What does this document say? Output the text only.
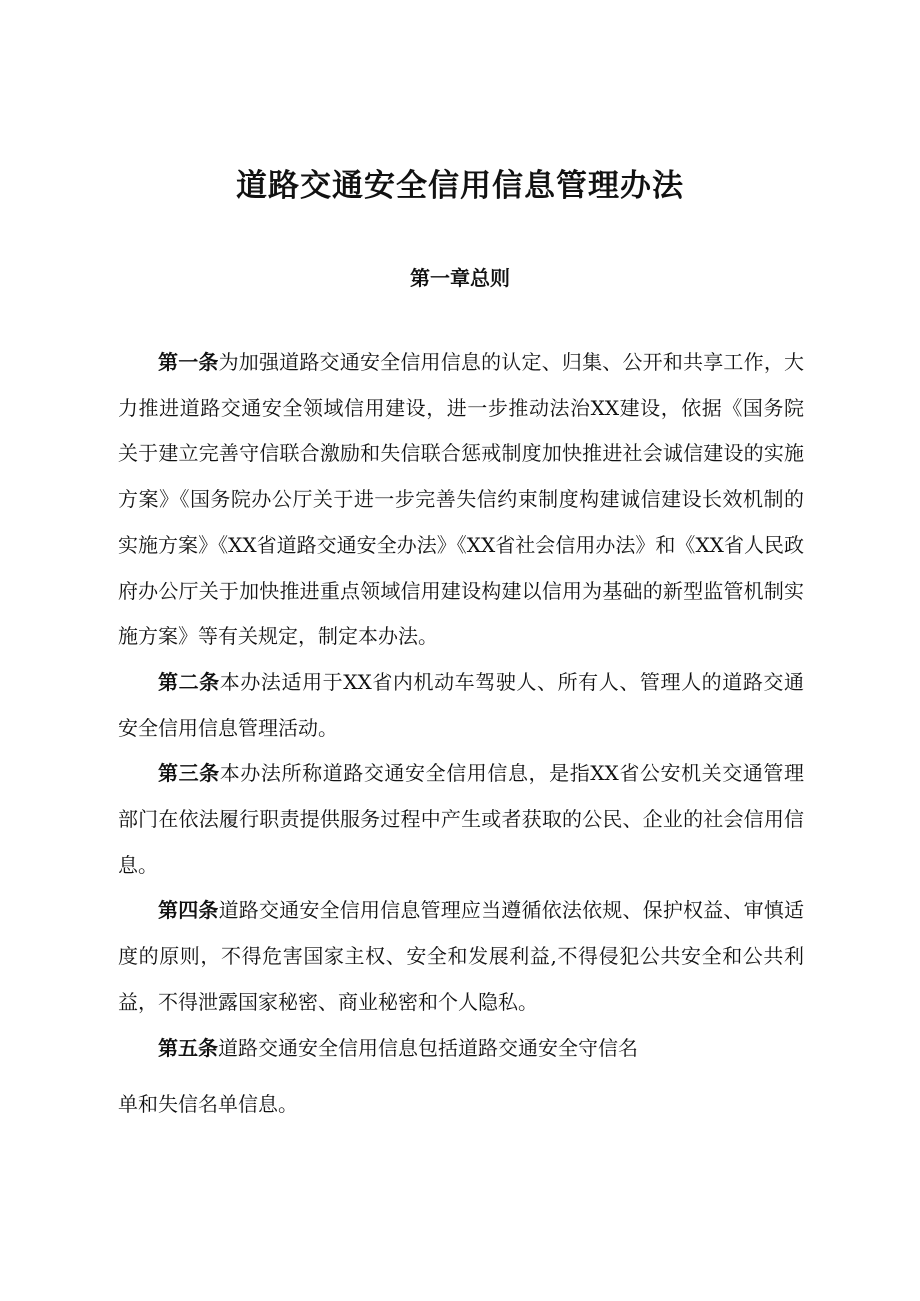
道路交通安全信用信息管理办法
第一章总则

第一条为加强道路交通安全信用信息的认定、归集、公开和共享工作，大力推进道路交通安全领域信用建设，进一步推动法治XX建设，依据《国务院关于建立完善守信联合激励和失信联合惩戒制度加快推进社会诚信建设的实施方案》《国务院办公厅关于进一步完善失信约束制度构建诚信建设长效机制的实施方案》《XX省道路交通安全办法》《XX省社会信用办法》和《XX省人民政府办公厅关于加快推进重点领域信用建设构建以信用为基础的新型监管机制实施方案》等有关规定，制定本办法。

第二条本办法适用于XX省内机动车驾驶人、所有人、管理人的道路交通安全信用信息管理活动。

第三条本办法所称道路交通安全信用信息，是指XX省公安机关交通管理部门在依法履行职责提供服务过程中产生或者获取的公民、企业的社会信用信息。

第四条道路交通安全信用信息管理应当遵循依法依规、保护权益、审慎适度的原则，不得危害国家主权、安全和发展利益,不得侵犯公共安全和公共利益，不得泄露国家秘密、商业秘密和个人隐私。

第五条道路交通安全信用信息包括道路交通安全守信名

单和失信名单信息。
